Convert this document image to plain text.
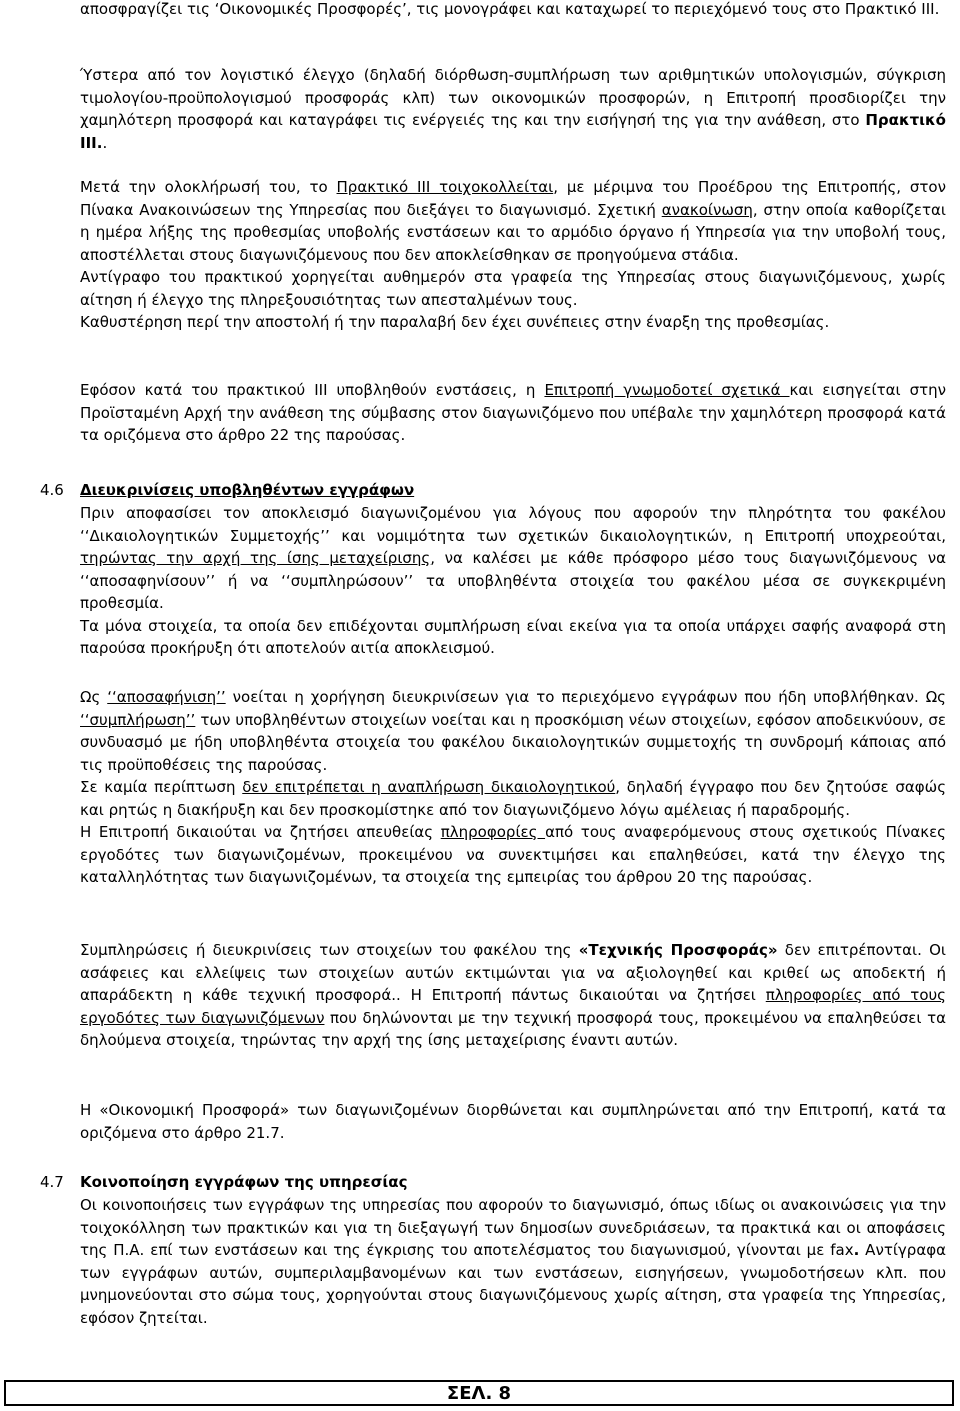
αποσφραγίζει τις ‘Οικονομικές Προσφορές’, τις μονογράφει και καταχωρεί το περιεχόμενό τους στο Πρακτικό ΙΙΙ.

Ύστερα από τον λογιστικό έλεγχο (δηλαδή διόρθωση-συμπλήρωση των αριθμητικών υπολογισμών, σύγκριση τιμολογίου-προϋπολογισμού προσφοράς κλπ) των οικονομικών προσφορών, η Επιτροπή προσδιορίζει την χαμηλότερη προσφορά και καταγράφει τις ενέργειές της και την εισήγησή της για την ανάθεση, στο Πρακτικό ΙΙΙ..

Μετά την ολοκλήρωσή του, το Πρακτικό ΙΙΙ τοιχοκολλείται, με μέριμνα του Προέδρου της Επιτροπής, στον Πίνακα Ανακοινώσεων της Υπηρεσίας που διεξάγει το διαγωνισμό. Σχετική ανακοίνωση, στην οποία καθορίζεται η ημέρα λήξης της προθεσμίας υποβολής ενστάσεων και το αρμόδιο όργανο ή Υπηρεσία για την υποβολή τους, αποστέλλεται στους διαγωνιζόμενους που δεν αποκλείσθηκαν σε προηγούμενα στάδια.

Αντίγραφο του πρακτικού χορηγείται αυθημερόν στα γραφεία της Υπηρεσίας στους διαγωνιζόμενους, χωρίς αίτηση ή έλεγχο της πληρεξουσιότητας των απεσταλμένων τους.

Καθυστέρηση περί την αποστολή ή την παραλαβή δεν έχει συνέπειες στην έναρξη της προθεσμίας.

Εφόσον κατά του πρακτικού ΙΙΙ υποβληθούν ενστάσεις, η Επιτροπή γνωμοδοτεί σχετικά και εισηγείται στην Προϊσταμένη Αρχή την ανάθεση της σύμβασης στον διαγωνιζόμενο που υπέβαλε την χαμηλότερη προσφορά κατά τα οριζόμενα στο άρθρο 22 της παρούσας.

4.6 Διευκρινίσεις υποβληθέντων εγγράφων

Πριν αποφασίσει τον αποκλεισμό διαγωνιζομένου για λόγους που αφορούν την πληρότητα του φακέλου ‘‘Δικαιολογητικών Συμμετοχής’’ και νομιμότητα των σχετικών δικαιολογητικών, η Επιτροπή υποχρεούται, τηρώντας την αρχή της ίσης μεταχείρισης, να καλέσει με κάθε πρόσφορο μέσο τους διαγωνιζόμενους να ‘‘αποσαφηνίσουν’’ ή να ‘‘συμπληρώσουν’’ τα υποβληθέντα στοιχεία του φακέλου μέσα σε συγκεκριμένη προθεσμία.

Τα μόνα στοιχεία, τα οποία δεν επιδέχονται συμπλήρωση είναι εκείνα για τα οποία υπάρχει σαφής αναφορά στη παρούσα προκήρυξη ότι αποτελούν αιτία αποκλεισμού.

Ως ‘‘αποσαφήνιση’’ νοείται η χορήγηση διευκρινίσεων για το περιεχόμενο εγγράφων που ήδη υποβλήθηκαν. Ως ‘‘συμπλήρωση’’ των υποβληθέντων στοιχείων νοείται και η προσκόμιση νέων στοιχείων, εφόσον αποδεικνύουν, σε συνδυασμό με ήδη υποβληθέντα στοιχεία του φακέλου δικαιολογητικών συμμετοχής τη συνδρομή κάποιας από τις προϋποθέσεις της παρούσας.

Σε καμία περίπτωση δεν επιτρέπεται η αναπλήρωση δικαιολογητικού, δηλαδή έγγραφο που δεν ζητούσε σαφώς και ρητώς η διακήρυξη και δεν προσκομίστηκε από τον διαγωνιζόμενο λόγω αμέλειας ή παραδρομής.

Η Επιτροπή δικαιούται να ζητήσει απευθείας πληροφορίες από τους αναφερόμενους στους σχετικούς Πίνακες εργοδότες των διαγωνιζομένων, προκειμένου να συνεκτιμήσει και επαληθεύσει, κατά την έλεγχο της καταλληλότητας των διαγωνιζομένων, τα στοιχεία της εμπειρίας του άρθρου 20 της παρούσας.

Συμπληρώσεις ή διευκρινίσεις των στοιχείων του φακέλου της «Τεχνικής Προσφοράς» δεν επιτρέπονται. Οι ασάφειες και ελλείψεις των στοιχείων αυτών εκτιμώνται για να αξιολογηθεί και κριθεί ως αποδεκτή ή απαράδεκτη η κάθε τεχνική προσφορά.. Η Επιτροπή πάντως δικαιούται να ζητήσει πληροφορίες από τους εργοδότες των διαγωνιζόμενων που δηλώνονται με την τεχνική προσφορά τους, προκειμένου να επαληθεύσει τα δηλούμενα στοιχεία, τηρώντας την αρχή της ίσης μεταχείρισης έναντι αυτών.

Η «Οικονομική Προσφορά» των διαγωνιζομένων διορθώνεται και συμπληρώνεται από την Επιτροπή, κατά τα οριζόμενα στο άρθρο 21.7.

4.7 Κοινοποίηση εγγράφων της υπηρεσίας

Οι κοινοποιήσεις των εγγράφων της υπηρεσίας που αφορούν το διαγωνισμό, όπως ιδίως οι ανακοινώσεις για την τοιχοκόλληση των πρακτικών και για τη διεξαγωγή των δημοσίων συνεδριάσεων, τα πρακτικά και οι αποφάσεις της Π.Α. επί των ενστάσεων και της έγκρισης του αποτελέσματος του διαγωνισμού, γίνονται με fax. Αντίγραφα των εγγράφων αυτών, συμπεριλαμβανομένων και των ενστάσεων, εισηγήσεων, γνωμοδοτήσεων κλπ. που μνημονεύονται στο σώμα τους, χορηγούνται στους διαγωνιζόμενους χωρίς αίτηση, στα γραφεία της Υπηρεσίας, εφόσον ζητείται.

ΣΕΛ. 8
